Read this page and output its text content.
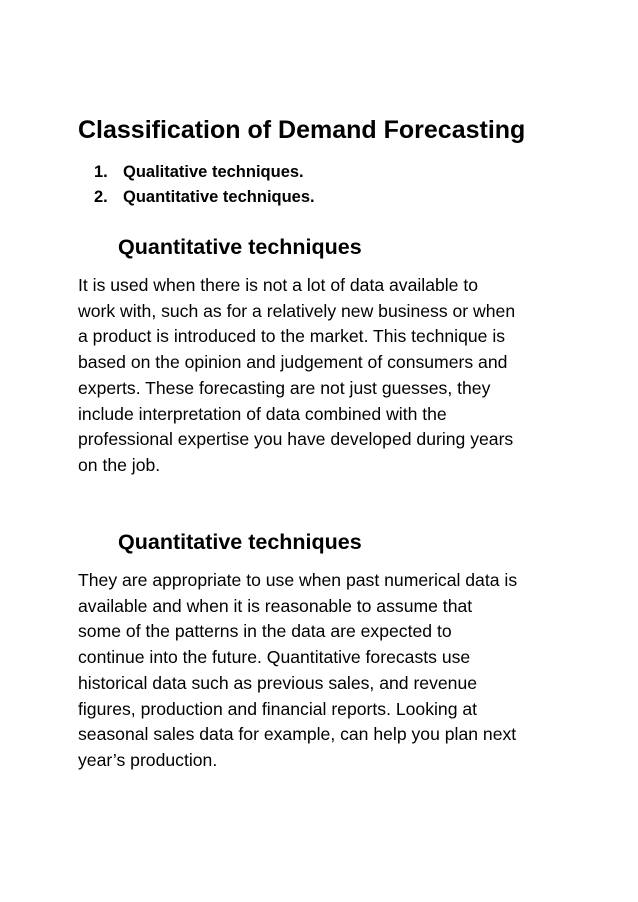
Classification of Demand Forecasting
1. Qualitative techniques.
2. Quantitative techniques.
Quantitative techniques

It is used when there is not a lot of data available to
work with, such as for a relatively new business or when
a product is introduced to the market. This technique is
based on the opinion and judgement of consumers and
experts. These forecasting are not just guesses, they
include interpretation of data combined with the
professional expertise you have developed during years
on the job.

Quantitative techniques

They are appropriate to use when past numerical data is
available and when it is reasonable to assume that
some of the patterns in the data are expected to
continue into the future. Quantitative forecasts use
historical data such as previous sales, and revenue
figures, production and financial reports. Looking at
seasonal sales data for example, can help you plan next
year’s production.
